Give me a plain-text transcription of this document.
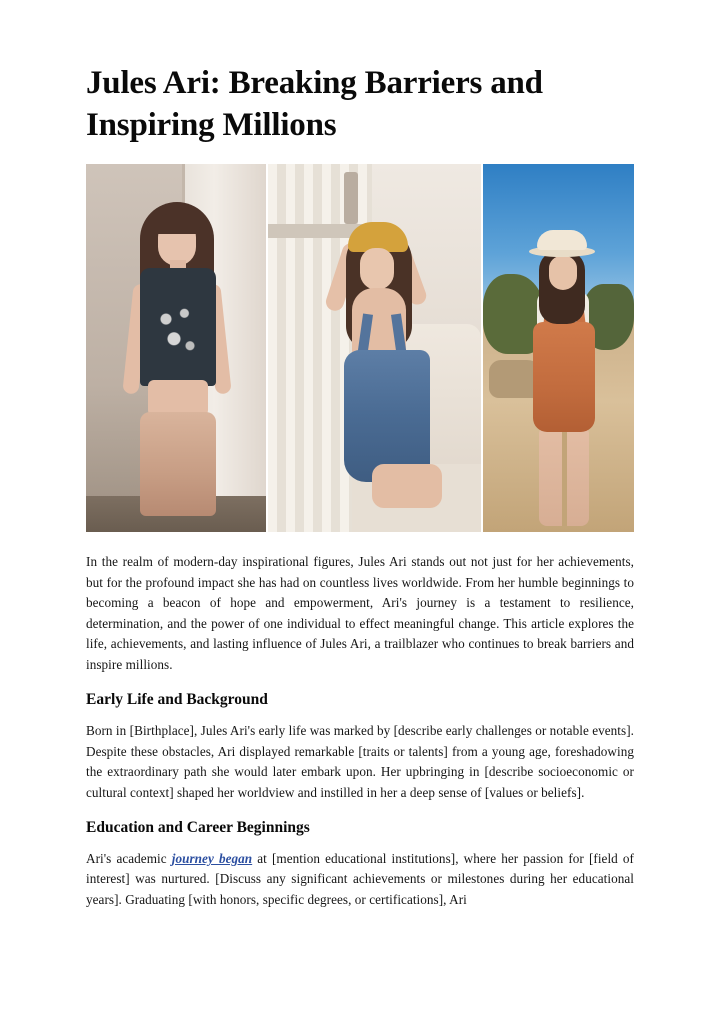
Jules Ari: Breaking Barriers and Inspiring Millions

In the realm of modern-day inspirational figures, Jules Ari stands out not just for her achievements, but for the profound impact she has had on countless lives worldwide. From her humble beginnings to becoming a beacon of hope and empowerment, Ari's journey is a testament to resilience, determination, and the power of one individual to effect meaningful change. This article explores the life, achievements, and lasting influence of Jules Ari, a trailblazer who continues to break barriers and inspire millions.

Early Life and Background

Born in [Birthplace], Jules Ari's early life was marked by [describe early challenges or notable events]. Despite these obstacles, Ari displayed remarkable [traits or talents] from a young age, foreshadowing the extraordinary path she would later embark upon. Her upbringing in [describe socioeconomic or cultural context] shaped her worldview and instilled in her a deep sense of [values or beliefs].

Education and Career Beginnings

Ari's academic journey began at [mention educational institutions], where her passion for [field of interest] was nurtured. [Discuss any significant achievements or milestones during her educational years]. Graduating [with honors, specific degrees, or certifications], Ari
